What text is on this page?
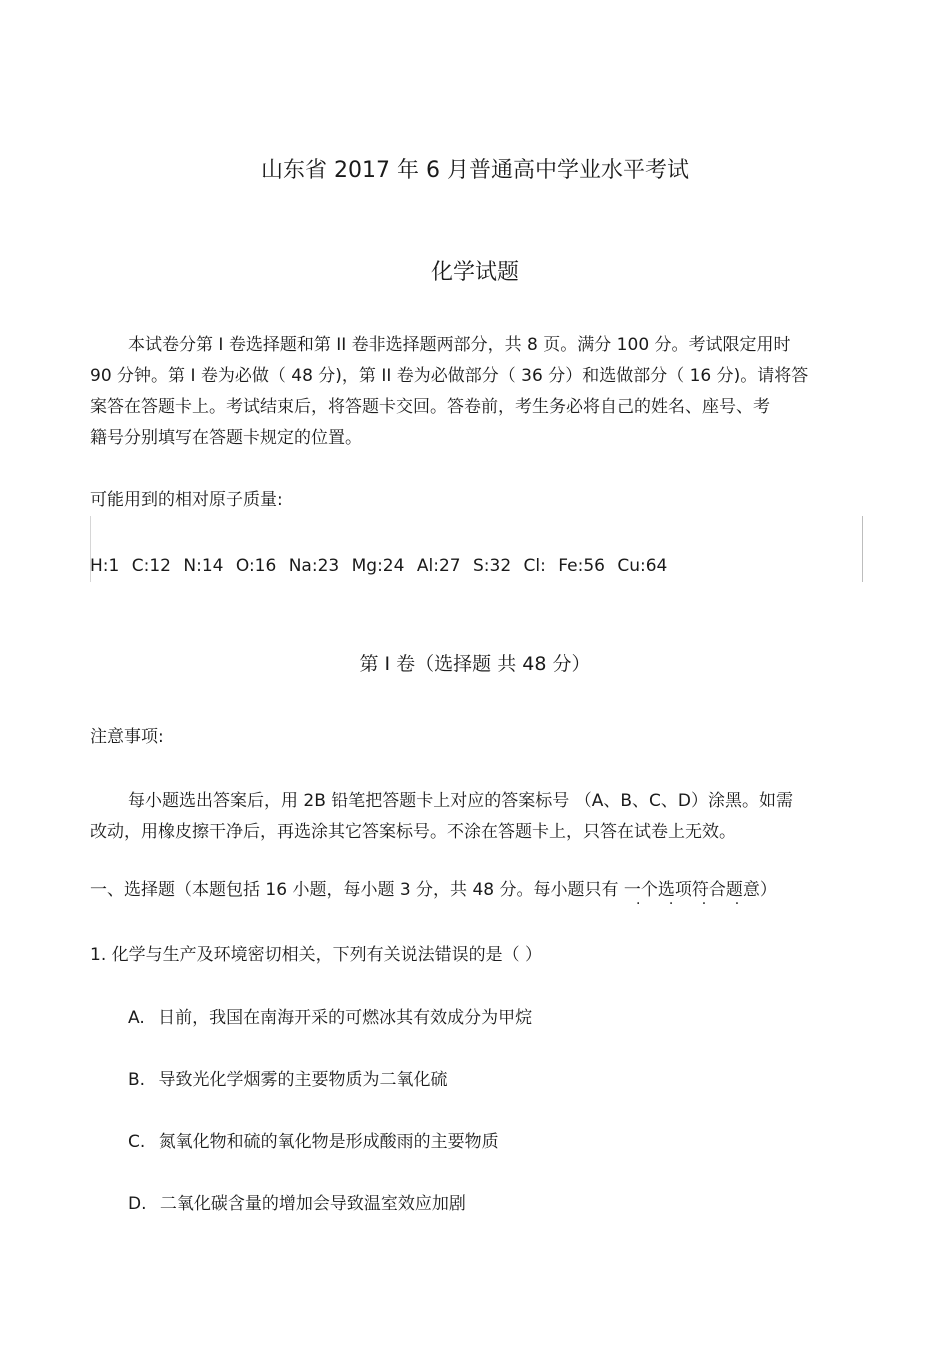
山东省 2017 年 6 月普通高中学业水平考试
化学试题
本试卷分第 I 卷选择题和第 II 卷非选择题两部分，共 8 页。满分 100 分。考试限定用时
90 分钟。第 I 卷为必做（ 48 分)，第 II 卷为必做部分（ 36 分）和选做部分（ 16 分)。请将答
案答在答题卡上。考试结束后，将答题卡交回。答卷前，考生务必将自己的姓名、座号、考
籍号分别填写在答题卡规定的位置。
可能用到的相对原子质量:
H:1 C:12 N:14 O:16 Na:23 Mg:24 Al:27 S:32 Cl: Fe:56 Cu:64
第 I 卷（选择题 共 48 分）
注意事项:
每小题选出答案后，用 2B 铅笔把答题卡上对应的答案标号 （A、B、C、D）涂黑。如需
改动，用橡皮擦干净后，再选涂其它答案标号。不涂在答题卡上，只答在试卷上无效。
一、选择题（本题包括 16 小题，每小题 3 分，共 48 分。每小题只有 一个选项符合题意）
· · · ·
1. 化学与生产及环境密切相关，下列有关说法错误的是（ ）
A. 日前，我国在南海开采的可燃冰其有效成分为甲烷
B. 导致光化学烟雾的主要物质为二氧化硫
C. 氮氧化物和硫的氧化物是形成酸雨的主要物质
D. 二氧化碳含量的增加会导致温室效应加剧
